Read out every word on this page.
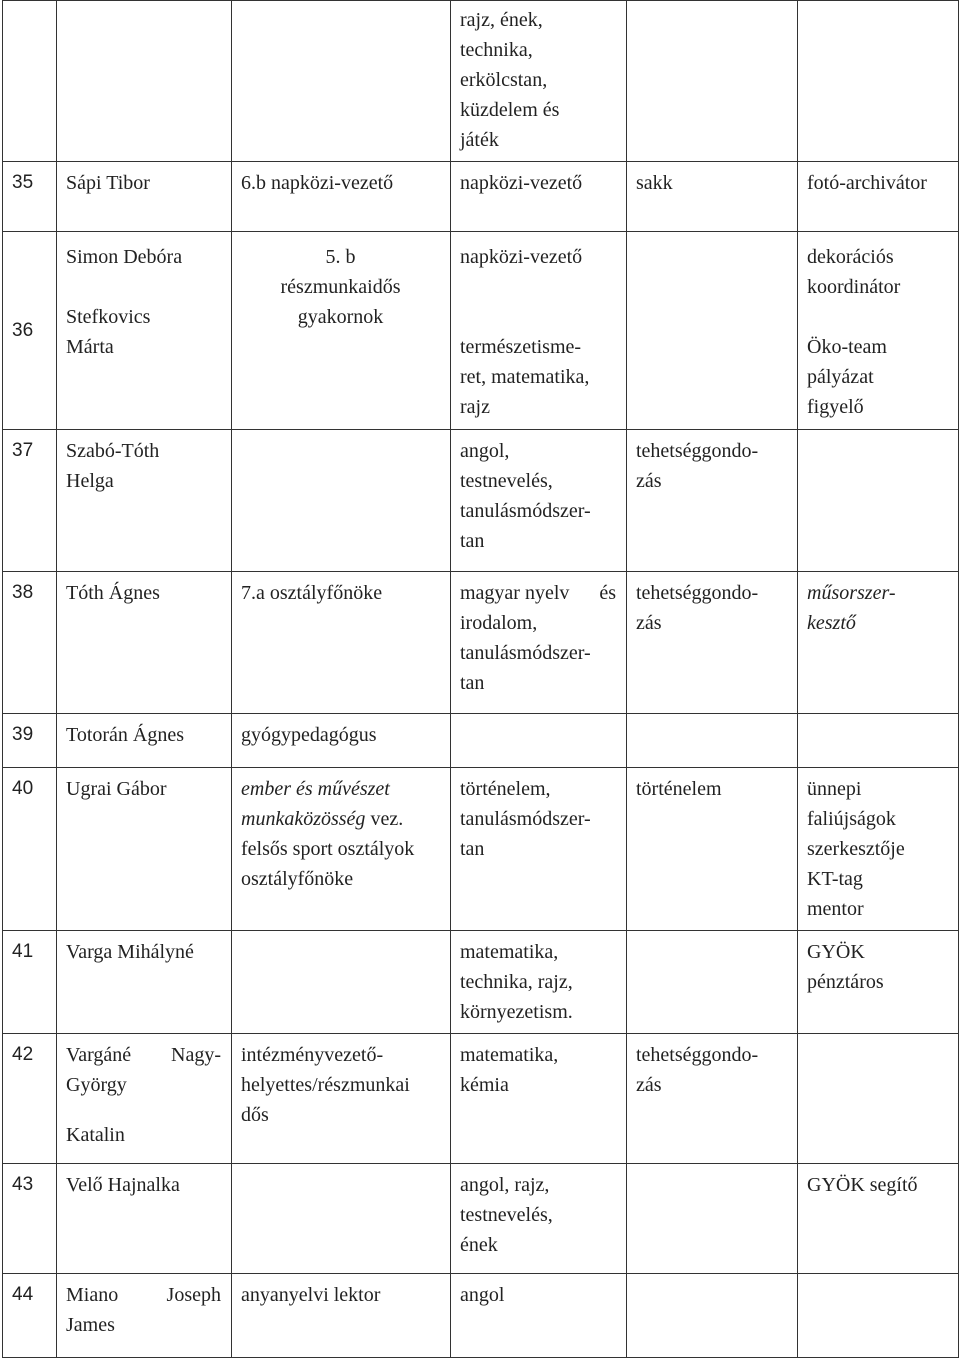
			rajz, ének,
technika,
erkölcstan,
küzdelem és
játék		

35	Sápi Tibor	6.b napközi-vezető	napközi-vezető	sakk	fotó-archivátor
36	Simon Debóra
Stefkovics
Márta	5. b
részmunkaidős
gyakornok	napközi-vezető
természetisme-
ret, matematika,
rajz		dekorációs
koordinátor
Öko-team
pályázat
figyelő

37	Szabó-Tóth
Helga		angol,
testnevelés,
tanulásmódszer-
tan	tehetséggondo-
zás	

38	Tóth Ágnes	7.a osztályfőnöke	magyar nyelv és
irodalom,
tanulásmódszer-
tan	tehetséggondo-
zás	műsorszer-
kesztő

39	Totorán Ágnes	gyógypedagógus			
40	Ugrai Gábor	ember és művészet
munkaközösség vez.
felsős sport osztályok
osztályfőnöke	történelem,
tanulásmódszer-
tan	történelem	ünnepi
faliújságok
szerkesztője
KT-tag
mentor

41	Varga Mihályné		matematika,
technika, rajz,
környezetism.		GYÖK
pénztáros

42	Vargáné Nagy-
György
Katalin	intézményvezető-
helyettes/részmunkai
dős	matematika,
kémia	tehetséggondo-
zás	

43	Velő Hajnalka		angol, rajz,
testnevelés,
ének		GYÖK segítő
44	Miano Joseph
James	anyanyelvi lektor	angol		
